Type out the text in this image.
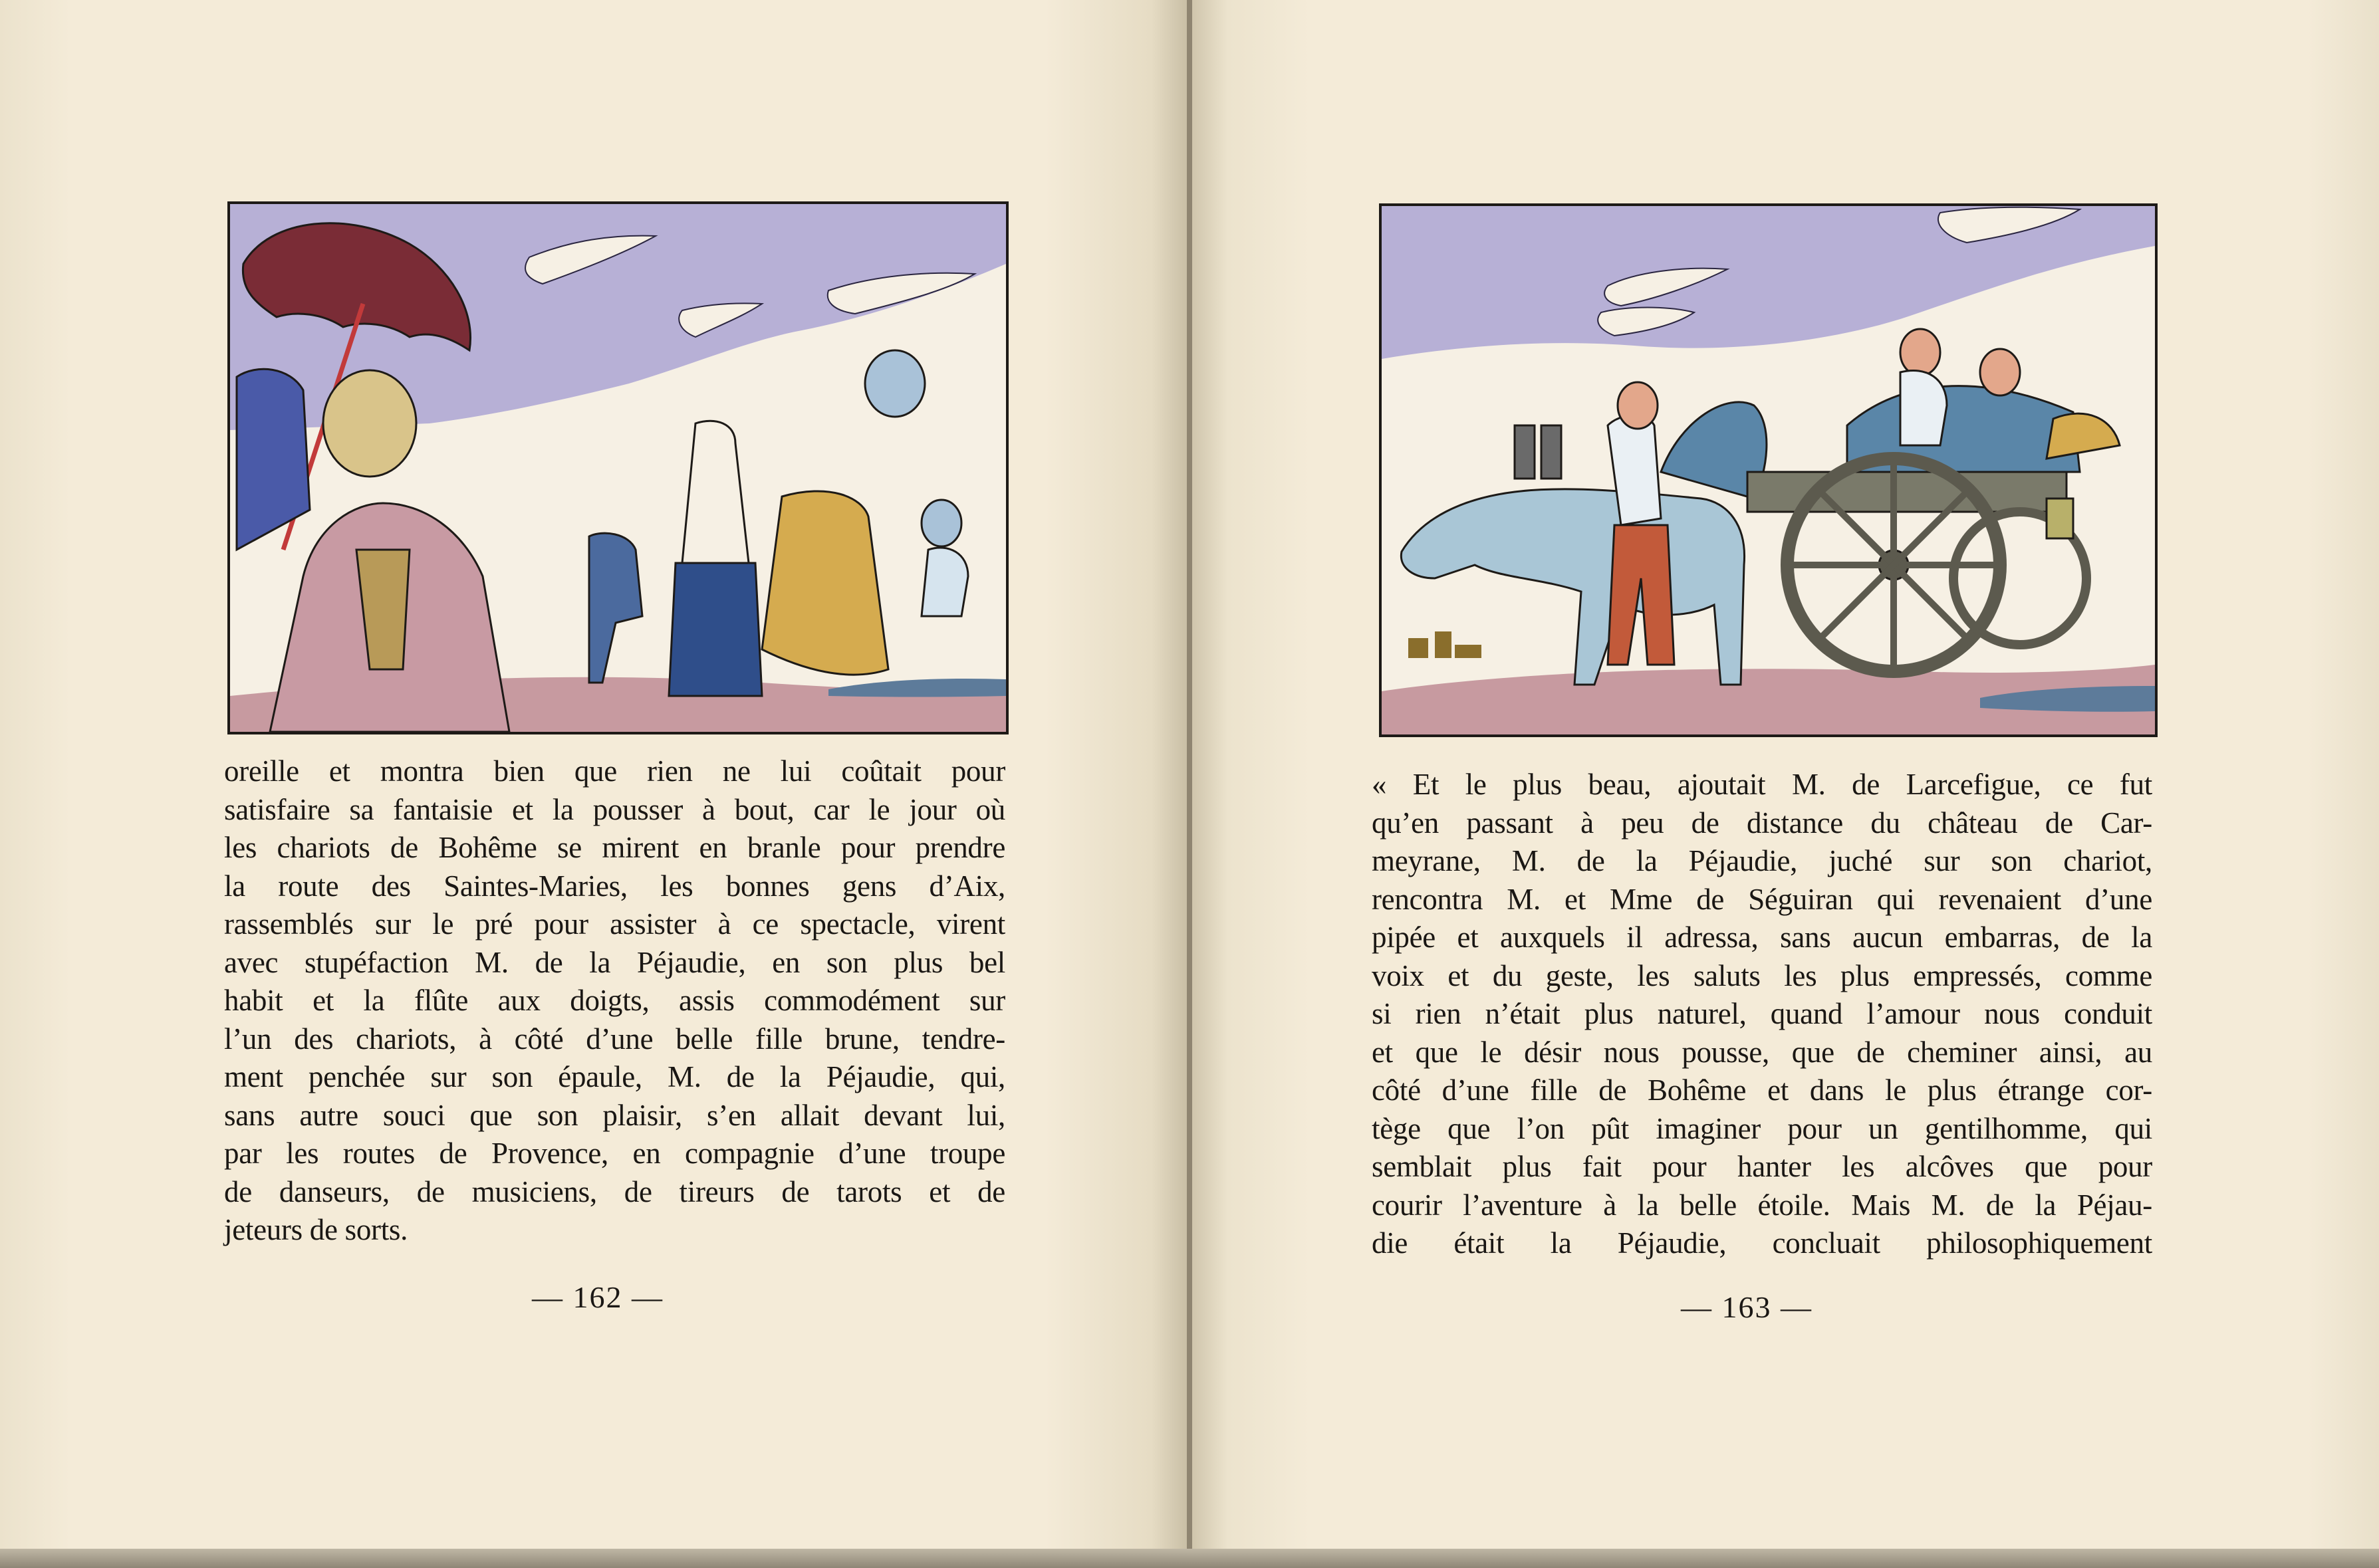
oreille et montra bien que rien ne lui coûtait pour
satisfaire sa fantaisie et la pousser à bout, car le jour où
les chariots de Bohême se mirent en branle pour prendre
la route des Saintes-Maries, les bonnes gens d’Aix,
rassemblés sur le pré pour assister à ce spectacle, virent
avec stupéfaction M. de la Péjaudie, en son plus bel
habit et la flûte aux doigts, assis commodément sur
l’un des chariots, à côté d’une belle fille brune, tendre-
ment penchée sur son épaule, M. de la Péjaudie, qui,
sans autre souci que son plaisir, s’en allait devant lui,
par les routes de Provence, en compagnie d’une troupe
de danseurs, de musiciens, de tireurs de tarots et de
jeteurs de sorts.
— 162 —
« Et le plus beau, ajoutait M. de Larcefigue, ce fut
qu’en passant à peu de distance du château de Car-
meyrane, M. de la Péjaudie, juché sur son chariot,
rencontra M. et Mme de Séguiran qui revenaient d’une
pipée et auxquels il adressa, sans aucun embarras, de la
voix et du geste, les saluts les plus empressés, comme
si rien n’était plus naturel, quand l’amour nous conduit
et que le désir nous pousse, que de cheminer ainsi, au
côté d’une fille de Bohême et dans le plus étrange cor-
tège que l’on pût imaginer pour un gentilhomme, qui
semblait plus fait pour hanter les alcôves que pour
courir l’aventure à la belle étoile. Mais M. de la Péjau-
die était la Péjaudie, concluait philosophiquement
— 163 —
